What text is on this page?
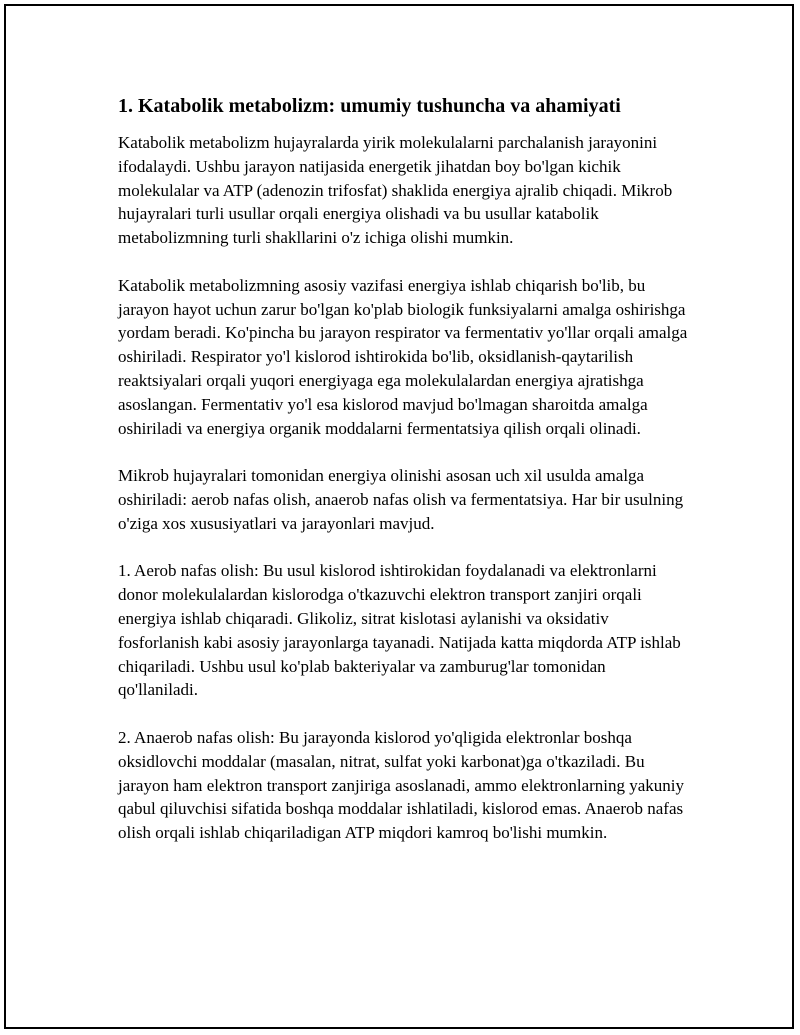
1. Katabolik metabolizm: umumiy tushuncha va ahamiyati

Katabolik metabolizm hujayralarda yirik molekulalarni parchalanish jarayonini ifodalaydi. Ushbu jarayon natijasida energetik jihatdan boy bo'lgan kichik molekulalar va ATP (adenozin trifosfat) shaklida energiya ajralib chiqadi. Mikrob hujayralari turli usullar orqali energiya olishadi va bu usullar katabolik metabolizmning turli shakllarini o'z ichiga olishi mumkin.

Katabolik metabolizmning asosiy vazifasi energiya ishlab chiqarish bo'lib, bu jarayon hayot uchun zarur bo'lgan ko'plab biologik funksiyalarni amalga oshirishga yordam beradi. Ko'pincha bu jarayon respirator va fermentativ yo'llar orqali amalga oshiriladi. Respirator yo'l kislorod ishtirokida bo'lib, oksidlanish-qaytarilish reaktsiyalari orqali yuqori energiyaga ega molekulalardan energiya ajratishga asoslangan. Fermentativ yo'l esa kislorod mavjud bo'lmagan sharoitda amalga oshiriladi va energiya organik moddalarni fermentatsiya qilish orqali olinadi.

Mikrob hujayralari tomonidan energiya olinishi asosan uch xil usulda amalga oshiriladi: aerob nafas olish, anaerob nafas olish va fermentatsiya. Har bir usulning o'ziga xos xususiyatlari va jarayonlari mavjud.

1. Aerob nafas olish: Bu usul kislorod ishtirokidan foydalanadi va elektronlarni donor molekulalardan kislorodga o'tkazuvchi elektron transport zanjiri orqali energiya ishlab chiqaradi. Glikoliz, sitrat kislotasi aylanishi va oksidativ fosforlanish kabi asosiy jarayonlarga tayanadi. Natijada katta miqdorda ATP ishlab chiqariladi. Ushbu usul ko'plab bakteriyalar va zamburug'lar tomonidan qo'llaniladi.

2. Anaerob nafas olish: Bu jarayonda kislorod yo'qligida elektronlar boshqa oksidlovchi moddalar (masalan, nitrat, sulfat yoki karbonat)ga o'tkaziladi. Bu jarayon ham elektron transport zanjiriga asoslanadi, ammo elektronlarning yakuniy qabul qiluvchisi sifatida boshqa moddalar ishlatiladi, kislorod emas. Anaerob nafas olish orqali ishlab chiqariladigan ATP miqdori kamroq bo'lishi mumkin.
